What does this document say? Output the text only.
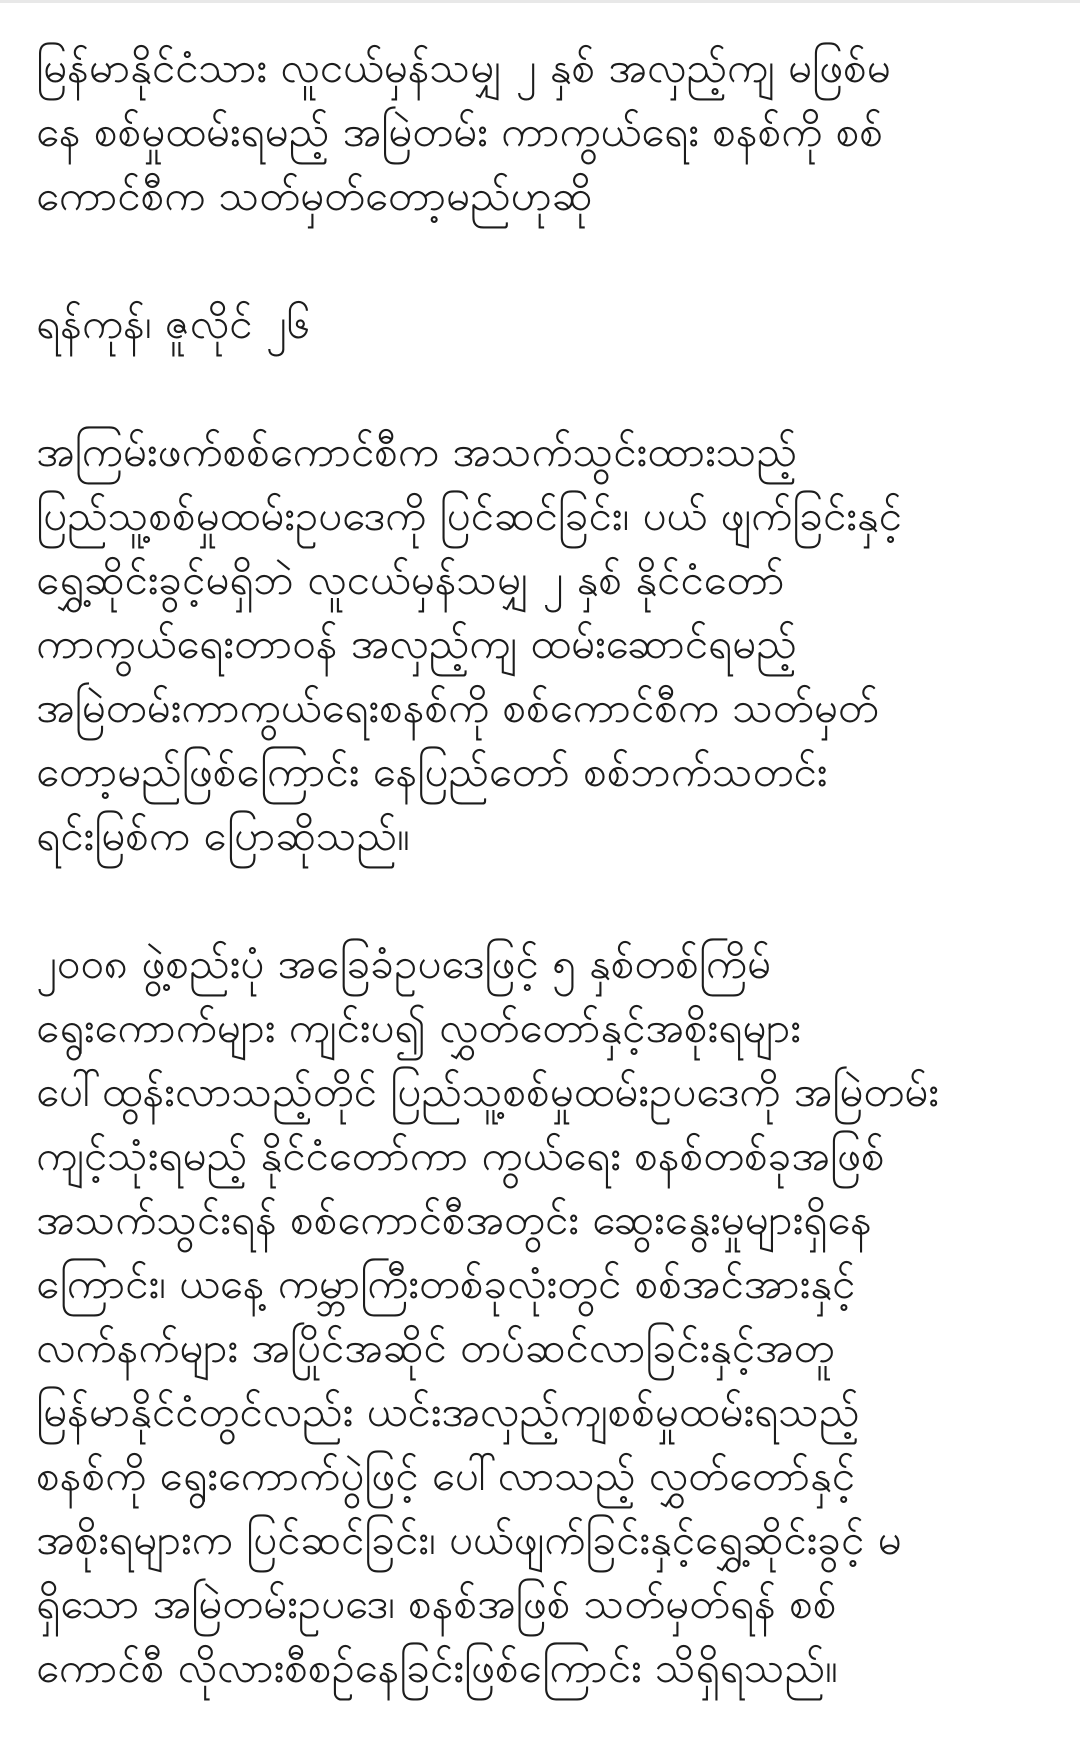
မြန်မာနိုင်ငံသား လူငယ်မှန်သမျှ ၂ နှစ် အလှည့်ကျ မဖြစ်မ
နေ စစ်မှုထမ်းရမည့် အမြဲတမ်း ကာကွယ်ရေး စနစ်ကို စစ်
ကောင်စီက သတ်မှတ်တော့မည်ဟုဆို
ရန်ကုန်၊ ဇူလိုင် ၂၆
အကြမ်းဖက်စစ်ကောင်စီက အသက်သွင်းထားသည့်
ပြည်သူ့စစ်မှုထမ်းဥပဒေကို ပြင်ဆင်ခြင်း၊ ပယ် ဖျက်ခြင်းနှင့်
ရွှေ့ဆိုင်းခွင့်မရှိဘဲ လူငယ်မှန်သမျှ ၂ နှစ် နိုင်ငံတော်
ကာကွယ်ရေးတာဝန် အလှည့်ကျ ထမ်းဆောင်ရမည့်
အမြဲတမ်းကာကွယ်ရေးစနစ်ကို စစ်ကောင်စီက သတ်မှတ်
တော့မည်ဖြစ်ကြောင်း နေပြည်တော် စစ်ဘက်သတင်း
ရင်းမြစ်က ပြောဆိုသည်။
၂၀၀၈ ဖွဲ့စည်းပုံ အခြေခံဥပဒေဖြင့် ၅ နှစ်တစ်ကြိမ်
ရွေးကောက်များ ကျင်းပ၍ လွှတ်တော်နှင့်အစိုးရများ
ပေါ်ထွန်းလာသည့်တိုင် ပြည်သူ့စစ်မှုထမ်းဥပဒေကို အမြဲတမ်း
ကျင့်သုံးရမည့် နိုင်ငံတော်ကာ ကွယ်ရေး စနစ်တစ်ခုအဖြစ်
အသက်သွင်းရန် စစ်ကောင်စီအတွင်း ဆွေးနွေးမှုများရှိနေ
ကြောင်း၊ ယနေ့ ကမ္ဘာကြီးတစ်ခုလုံးတွင် စစ်အင်အားနှင့်
လက်နက်များ အပြိုင်အဆိုင် တပ်ဆင်လာခြင်းနှင့်အတူ
မြန်မာနိုင်ငံတွင်လည်း ယင်းအလှည့်ကျစစ်မှုထမ်းရသည့်
စနစ်ကို ရွေးကောက်ပွဲဖြင့် ပေါ်လာသည့် လွှတ်တော်နှင့်
အစိုးရများက ပြင်ဆင်ခြင်း၊ ပယ်ဖျက်ခြင်းနှင့်ရွှေ့ဆိုင်းခွင့် မ
ရှိသော အမြဲတမ်းဥပဒေ၊ စနစ်အဖြစ် သတ်မှတ်ရန် စစ်
ကောင်စီ လိုလားစီစဉ်နေခြင်းဖြစ်ကြောင်း သိရှိရသည်။
